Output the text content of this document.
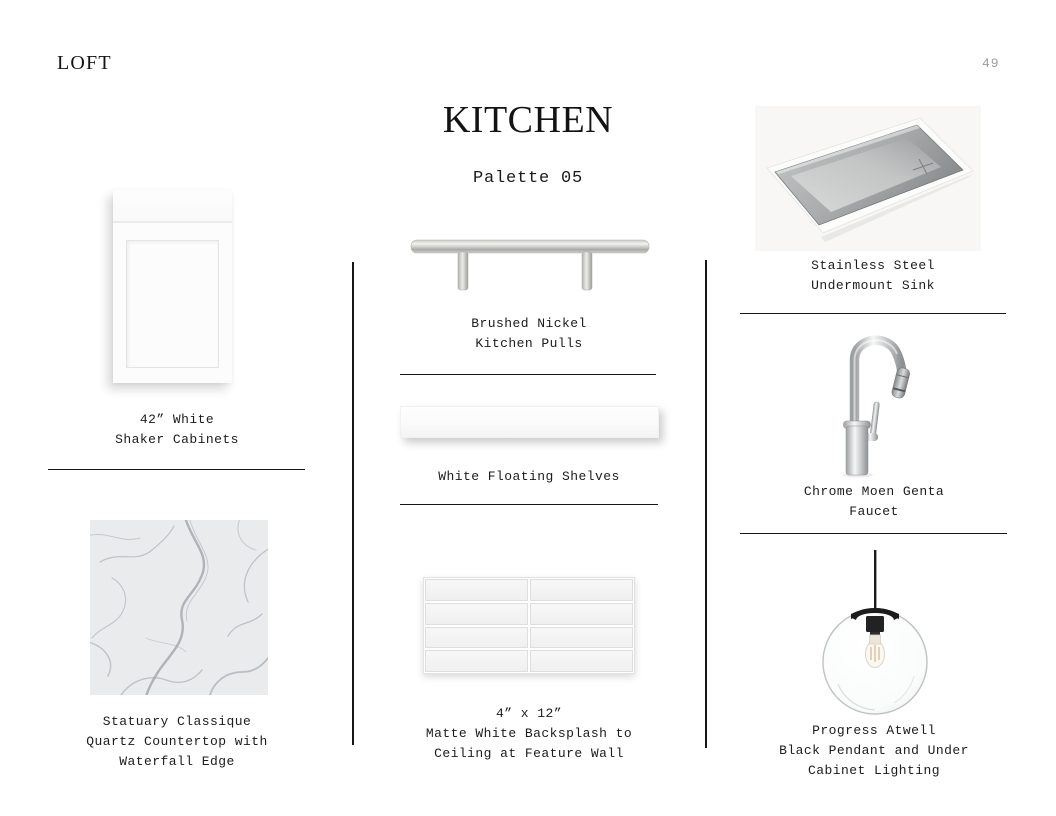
LOFT	49
KITCHEN
Palette 05
42” White
Shaker Cabinets
Statuary Classique
Quartz Countertop with
Waterfall Edge
Brushed Nickel
Kitchen Pulls
White Floating Shelves
4” x 12”
Matte White Backsplash to
Ceiling at Feature Wall
Stainless Steel
Undermount Sink
Chrome Moen Genta
Faucet
Progress Atwell
Black Pendant and Under
Cabinet Lighting
